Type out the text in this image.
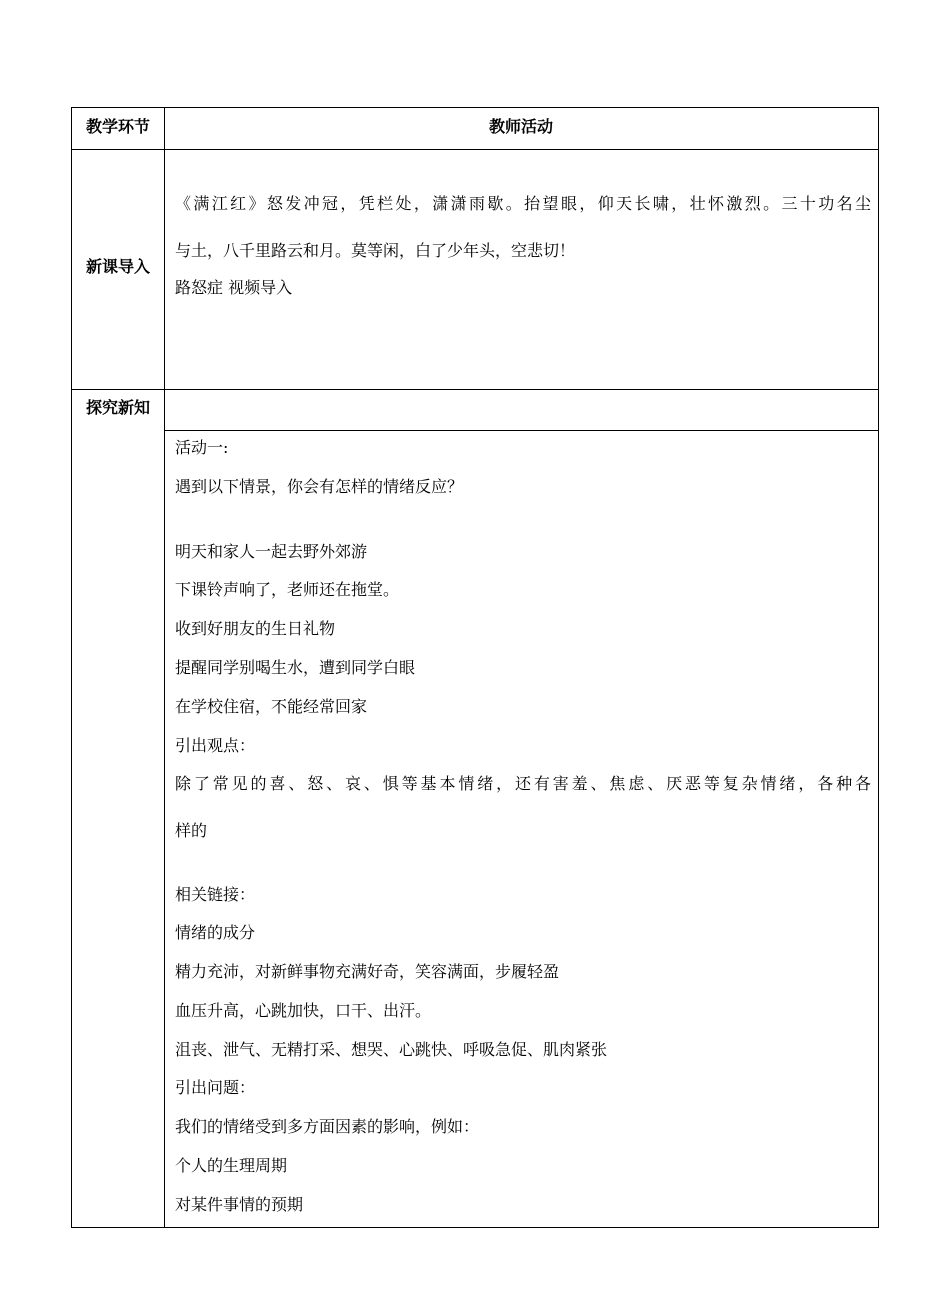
教学环节	教师活动
新课导入
《满江红》怒发冲冠，凭栏处，潇潇雨歇。抬望眼，仰天长啸，壮怀激烈。三十功名尘
与土，八千里路云和月。莫等闲，白了少年头，空悲切！
路怒症 视频导入
探究新知
活动一:
遇到以下情景，你会有怎样的情绪反应？
明天和家人一起去野外郊游
下课铃声响了，老师还在拖堂。
收到好朋友的生日礼物
提醒同学别喝生水，遭到同学白眼
在学校住宿，不能经常回家
引出观点：
除了常见的喜、怒、哀、惧等基本情绪，还有害羞、焦虑、厌恶等复杂情绪，各种各
样的
相关链接：
情绪的成分
精力充沛，对新鲜事物充满好奇，笑容满面，步履轻盈
血压升高，心跳加快，口干、出汗。
沮丧、泄气、无精打采、想哭、心跳快、呼吸急促、肌肉紧张
引出问题：
我们的情绪受到多方面因素的影响，例如：
个人的生理周期
对某件事情的预期
